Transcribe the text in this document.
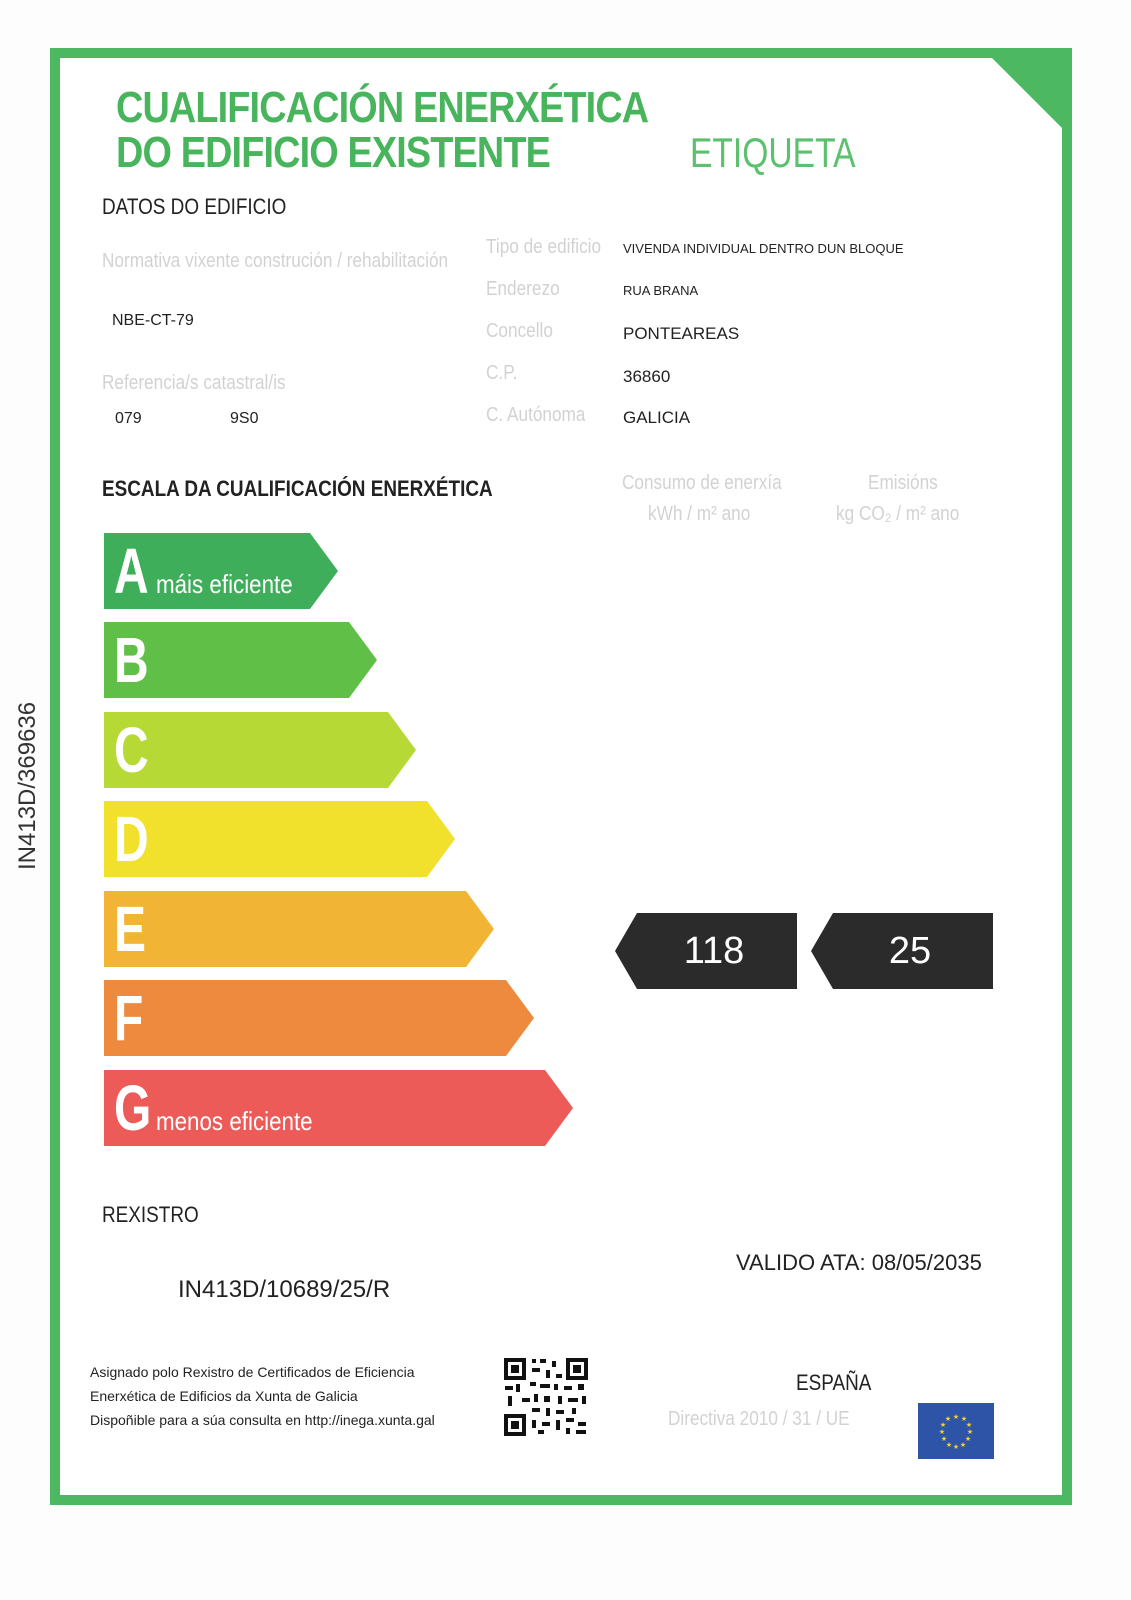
CUALIFICACIÓN ENERXÉTICA
DO EDIFICIO EXISTENTE	ETIQUETA
DATOS DO EDIFICIO
Normativa vixente construción / rehabilitación
NBE-CT-79
Referencia/s catastral/is
079	9S0
Tipo de edificio VIVENDA INDIVIDUAL DENTRO DUN BLOQUE
Enderezo	RUA BRANA
Concello	PONTEAREAS
C.P.	36860
C. Autónoma GALICIA
ESCALA DA CUALIFICACIÓN ENERXÉTICA	Consumo de enerxía
kWh / m² ano
Emisións
kg CO₂ / m² ano
A máis eficiente
B
C
D
E
F
G menos eficiente
118	25
IN413D/369636
REXISTRO
IN413D/10689/25/R
VALIDO ATA: 08/05/2035
Asignado polo Rexistro de Certificados de Eficiencia
Enerxética de Edificios da Xunta de Galicia
Dispoñible para a súa consulta en http://inega.xunta.gal
ESPAÑA
Directiva 2010 / 31 / UE	★ ★
★
★
★
★
★
★
★
★
★
★
